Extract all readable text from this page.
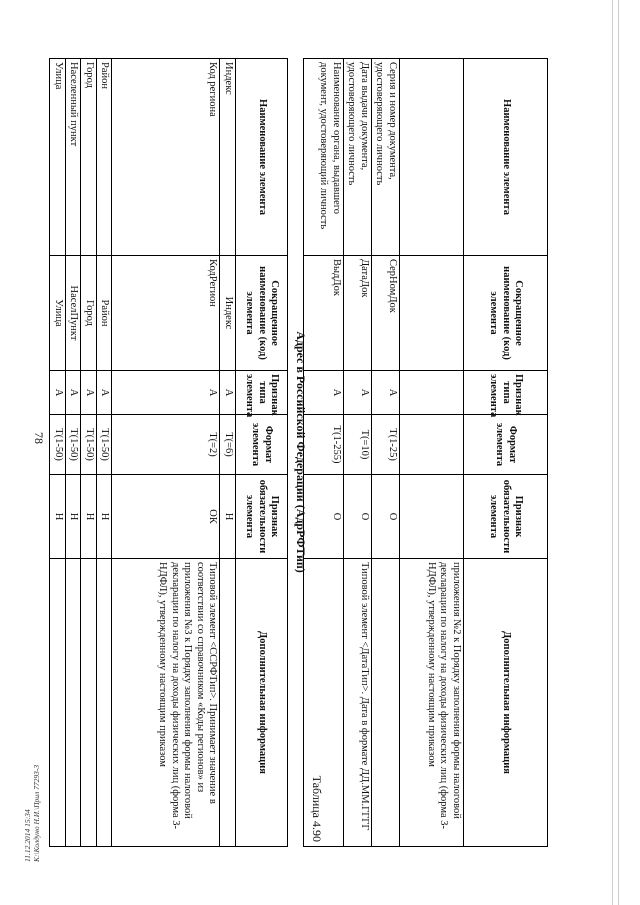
78
Наименование элемента	Сокращенное наименование (код) элемента	Признак типа элемента	Формат элемента	Признак обязательности элемента	Дополнительная информация
					приложения №2 к Порядку заполнения формы налоговой декларации по налогу на доходы физических лиц (форма 3-НДФЛ), утвержденному настоящим приказом
Серия и номер документа, удостоверяющего личность	СерНомДок	А	T(1-25)	О	
Дата выдачи документа, удостоверяющего личность	ДатаДок	А	T(=10)	О	Типовой элемент <ДатаТип>. Дата в формате ДД.ММ.ГГГГ
Наименование органа, выдавшего документ, удостоверяющий личность	ВыдДок	А	T(1-255)	О	
Таблица 4.90
Адрес в Российской Федерации (АдрРФТип)
Наименование элемента	Сокращенное наименование (код) элемента	Признак типа элемента	Формат элемента	Признак обязательности элемента	Дополнительная информация
Индекс	Индекс	А	T(=6)	Н	
Код региона	КодРегион	А	T(=2)	ОК	Типовой элемент <ССРФТип>. Принимает значение в соответствии со справочником «Коды регионов» из приложения №3 к Порядку заполнения формы налоговой декларации по налогу на доходы физических лиц (форма 3-НДФЛ), утвержденному настоящим приказом
Район	Район	А	T(1-50)	Н	
Город	Город	А	T(1-50)	Н	
Населенный пункт	НаселПункт	А	T(1-50)	Н	
Улица	Улица	А	T(1-50)	Н	
11.12.2014 15:34 К:\Колдуно Н.И.\Прил 77293-3
